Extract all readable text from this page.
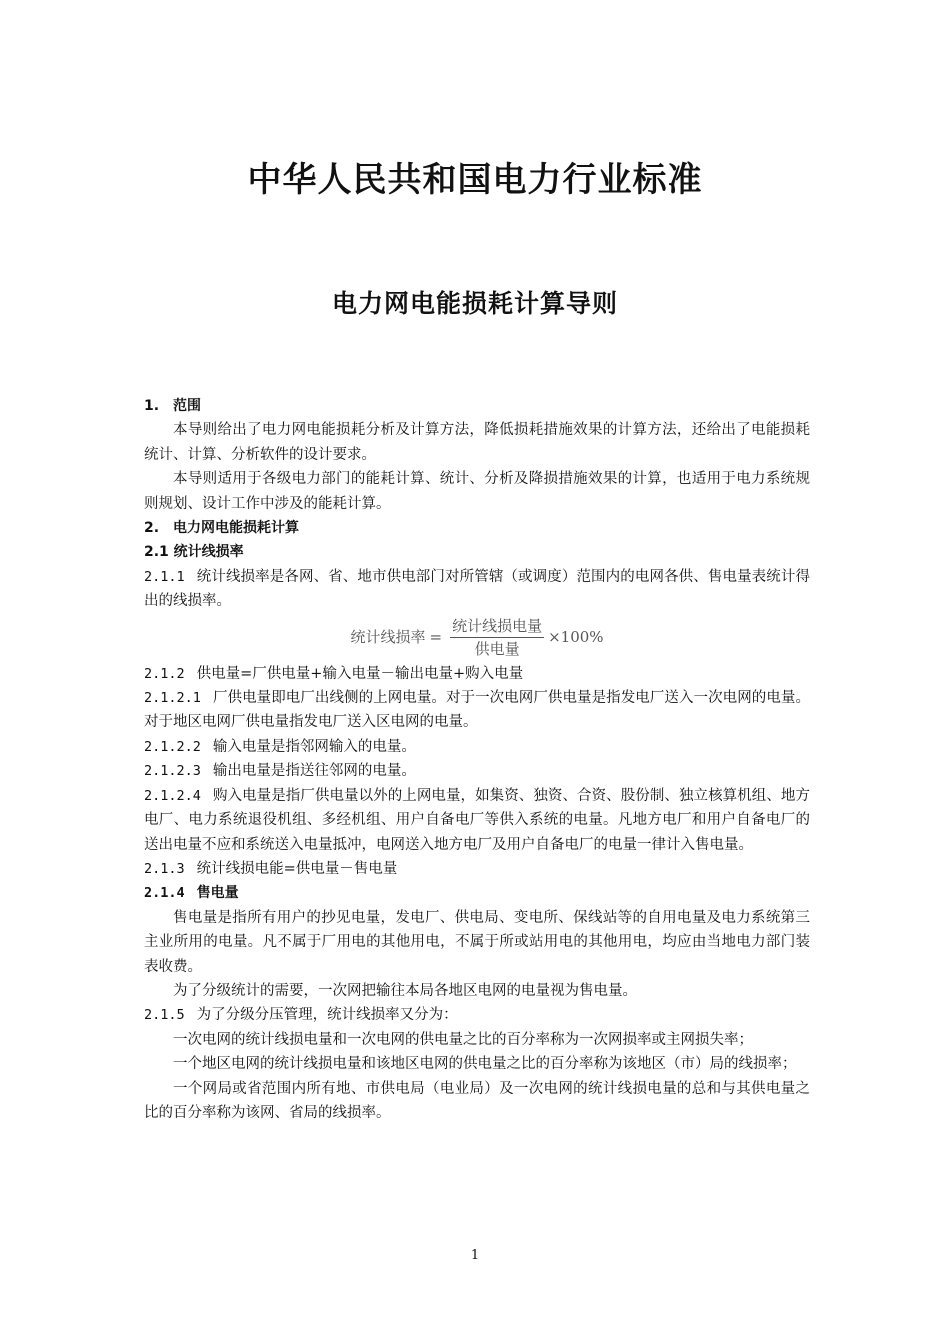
中华人民共和国电力行业标准
电力网电能损耗计算导则

1.　范围

本导则给出了电力网电能损耗分析及计算方法，降低损耗措施效果的计算方法，还给出了电能损耗统计、计算、分析软件的设计要求。

本导则适用于各级电力部门的能耗计算、统计、分析及降损措施效果的计算，也适用于电力系统规则规划、设计工作中涉及的能耗计算。

2.　电力网电能损耗计算

2.1 统计线损率

2.1.1 统计线损率是各网、省、地市供电部门对所管辖（或调度）范围内的电网各供、售电量表统计得出的线损率。

统计线损率 = $\frac{\text{统计线损电量}}{\text{供电量}} \times 100\%$

2.1.2 供电量=厂供电量+输入电量－输出电量+购入电量

2.1.2.1 厂供电量即电厂出线侧的上网电量。对于一次电网厂供电量是指发电厂送入一次电网的电量。对于地区电网厂供电量指发电厂送入区电网的电量。

2.1.2.2 输入电量是指邻网输入的电量。

2.1.2.3 输出电量是指送往邻网的电量。

2.1.2.4 购入电量是指厂供电量以外的上网电量，如集资、独资、合资、股份制、独立核算机组、地方电厂、电力系统退役机组、多经机组、用户自备电厂等供入系统的电量。凡地方电厂和用户自备电厂的送出电量不应和系统送入电量抵冲，电网送入地方电厂及用户自备电厂的电量一律计入售电量。

2.1.3 统计线损电能=供电量－售电量

2.1.4 售电量

售电量是指所有用户的抄见电量，发电厂、供电局、变电所、保线站等的自用电量及电力系统第三主业所用的电量。凡不属于厂用电的其他用电，不属于所或站用电的其他用电，均应由当地电力部门装表收费。

为了分级统计的需要，一次网把输往本局各地区电网的电量视为售电量。

2.1.5 为了分级分压管理，统计线损率又分为：

一次电网的统计线损电量和一次电网的供电量之比的百分率称为一次网损率或主网损失率；

一个地区电网的统计线损电量和该地区电网的供电量之比的百分率称为该地区（市）局的线损率；

一个网局或省范围内所有地、市供电局（电业局）及一次电网的统计线损电量的总和与其供电量之比的百分率称为该网、省局的线损率。

1
